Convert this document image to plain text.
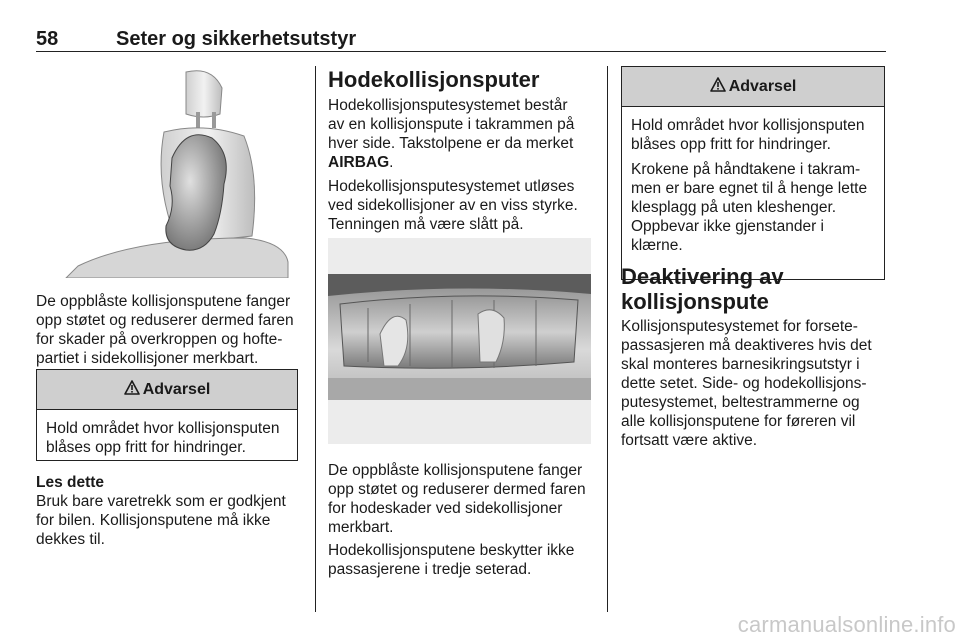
58	Seter og sikkerhetsutstyr
De oppblåste kollisjonsputene fanger
opp støtet og reduserer dermed faren
for skader på overkroppen og hofte-
partiet i sidekollisjoner merkbart.
Advarsel
Hold området hvor kollisjonsputen
blåses opp fritt for hindringer.
Les dette
Bruk bare varetrekk som er godkjent
for bilen. Kollisjonsputene må ikke
dekkes til.
Hodekollisjonsputer
Hodekollisjonsputesystemet består
av en kollisjonspute i takrammen på
hver side. Takstolpene er da merket
AIRBAG.
Hodekollisjonsputesystemet utløses
ved sidekollisjoner av en viss styrke.
Tenningen må være slått på.
De oppblåste kollisjonsputene fanger
opp støtet og reduserer dermed faren
for hodeskader ved sidekollisjoner
merkbart.
Hodekollisjonsputene beskytter ikke
passasjerene i tredje seterad.
Advarsel

Hold området hvor kollisjonsputen
blåses opp fritt for hindringer.

Krokene på håndtakene i takram-
men er bare egnet til å henge lette
klesplagg på uten kleshenger.
Oppbevar ikke gjenstander i
klærne.

Deaktivering av
kollisjonspute
Kollisjonsputesystemet for forsete-
passasjeren må deaktiveres hvis det
skal monteres barnesikringsutstyr i
dette setet. Side- og hodekollisjons-
putesystemet, beltestrammerne og
alle kollisjonsputene for føreren vil
fortsatt være aktive.
carmanualsonline.info
